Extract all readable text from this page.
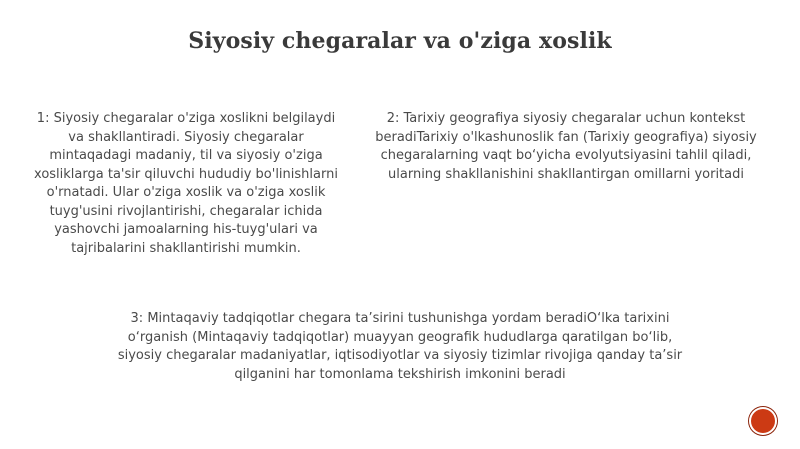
Siyosiy chegaralar va o'ziga xoslik
1: Siyosiy chegaralar o'ziga xoslikni belgilaydi va shakllantiradi. Siyosiy chegaralar mintaqadagi madaniy, til va siyosiy o'ziga xosliklarga ta'sir qiluvchi hududiy bo'linishlarni o'rnatadi. Ular o'ziga xoslik va o'ziga xoslik tuyg'usini rivojlantirishi, chegaralar ichida yashovchi jamoalarning his-tuyg'ulari va tajribalarini shakllantirishi mumkin.
2: Tarixiy geografiya siyosiy chegaralar uchun kontekst beradiTarixiy o'lkashunoslik fan (Tarixiy geografiya) siyosiy chegaralarning vaqt bo‘yicha evolyutsiyasini tahlil qiladi, ularning shakllanishini shakllantirgan omillarni yoritadi
3: Mintaqaviy tadqiqotlar chegara ta’sirini tushunishga yordam beradiO‘lka tarixini o‘rganish (Mintaqaviy tadqiqotlar) muayyan geografik hududlarga qaratilgan bo‘lib, siyosiy chegaralar madaniyatlar, iqtisodiyotlar va siyosiy tizimlar rivojiga qanday ta’sir qilganini har tomonlama tekshirish imkonini beradi
